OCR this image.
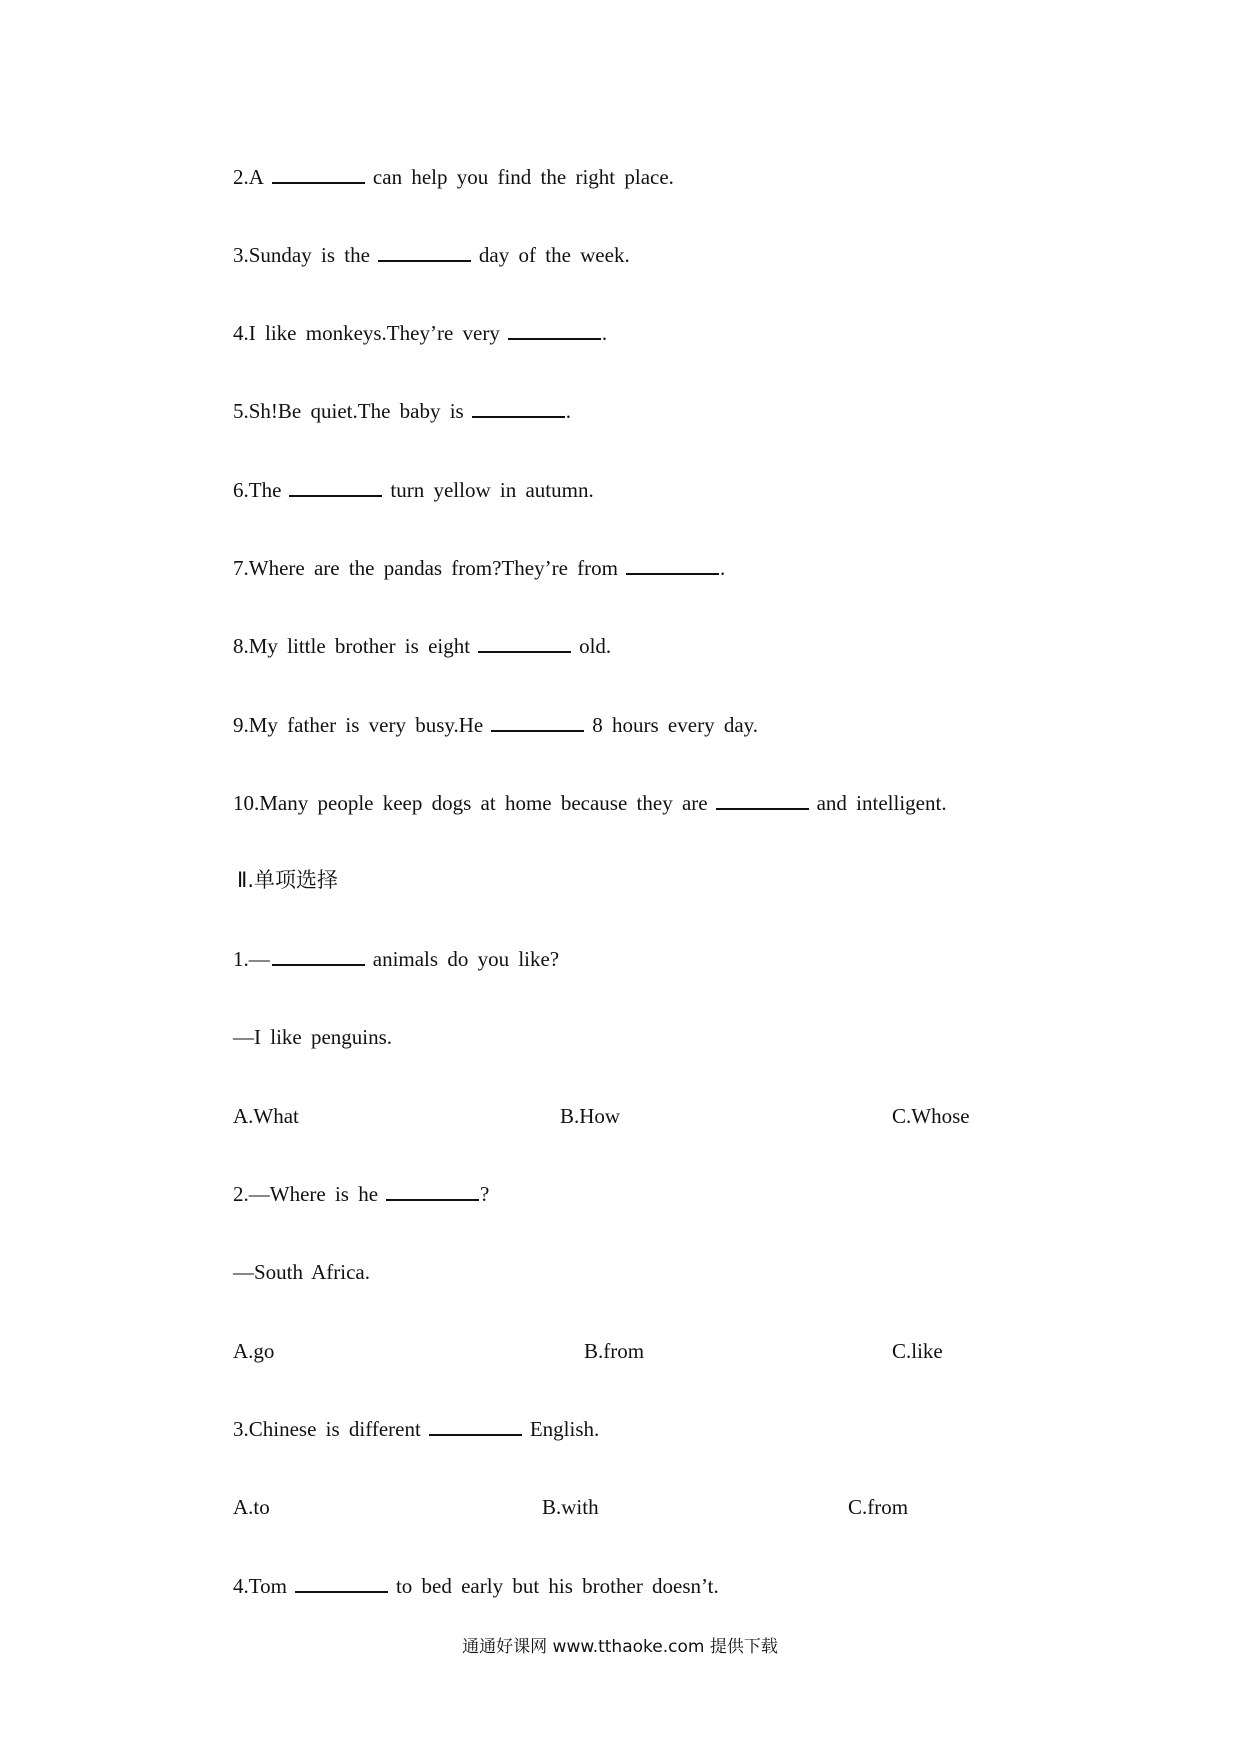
2.A	can help you find the right place.
3.Sunday is the	day of the week.
4.I like monkeys.They’re very	.
5.Sh!Be quiet.The baby is	.
6.The	turn yellow in autumn.
7.Where are the pandas from?They’re from	.
8.My little brother is eight	old.
9.My father is very busy.He	8 hours every day.
10.Many people keep dogs at home because they are	and intelligent.
Ⅱ.单项选择
1.—	animals do you like?
—I like penguins.
A.What	B.How	C.Whose
2.—Where is he	?
—South Africa.
A.go	B.from	C.like
3.Chinese is different	English.
A.to	B.with	C.from
4.Tom	to bed early but his brother doesn’t.
通通好课网 www.tthaoke.com 提供下载
